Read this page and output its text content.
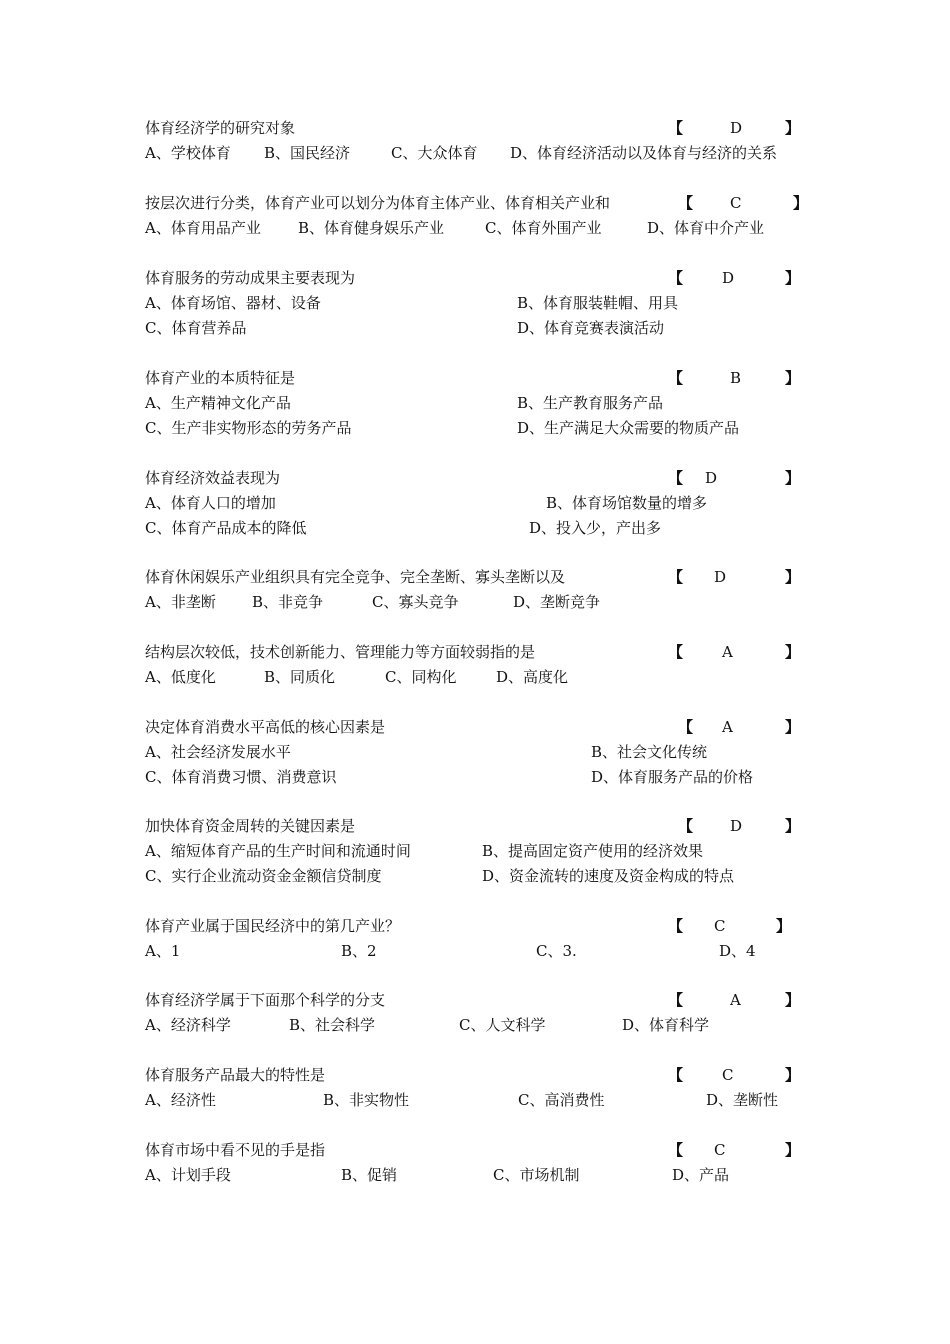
体育经济学的研究对象	【	D	】
A、学校体育 B、国民经济	C、大众体育 D、体育经济活动以及体育与经济的关系
按层次进行分类，体育产业可以划分为体育主体产业、体育相关产业和	【 C	】
A、体育用品产业 B、体育健身娱乐产业	C、体育外围产业	D、体育中介产业
体育服务的劳动成果主要表现为	【	D	】
A、体育场馆、器材、设备	B、体育服装鞋帽、用具
C、体育营养品	D、体育竞赛表演活动
体育产业的本质特征是	【	B	】
A、生产精神文化产品	B、生产教育服务产品
C、生产非实物形态的劳务产品	D、生产满足大众需要的物质产品
体育经济效益表现为	【 D	】
A、体育人口的增加	B、体育场馆数量的增多
C、体育产品成本的降低	D、投入少，产出多
体育休闲娱乐产业组织具有完全竞争、完全垄断、寡头垄断以及	【 D	】
A、非垄断 B、非竞争	C、寡头竞争	D、垄断竞争
结构层次较低，技术创新能力、管理能力等方面较弱指的是	【	A	】
A、低度化	B、同质化	C、同构化	D、高度化
决定体育消费水平高低的核心因素是	【 A	】
A、社会经济发展水平	B、社会文化传统
C、体育消费习惯、消费意识	D、体育服务产品的价格
加快体育资金周转的关键因素是	【 D	】
A、缩短体育产品的生产时间和流通时间	B、提高固定资产使用的经济效果
C、实行企业流动资金金额信贷制度	D、资金流转的速度及资金构成的特点
体育产业属于国民经济中的第几产业？	【 C	】
A、1	B、2	C、3.	D、4
体育经济学属于下面那个科学的分支	【	A	】
A、经济科学	B、社会科学	C、人文科学	D、体育科学
体育服务产品最大的特性是	【	C	】
A、经济性	B、非实物性	C、高消费性	D、垄断性
体育市场中看不见的手是指	【 C	】
A、计划手段	B、促销	C、市场机制	D、产品
